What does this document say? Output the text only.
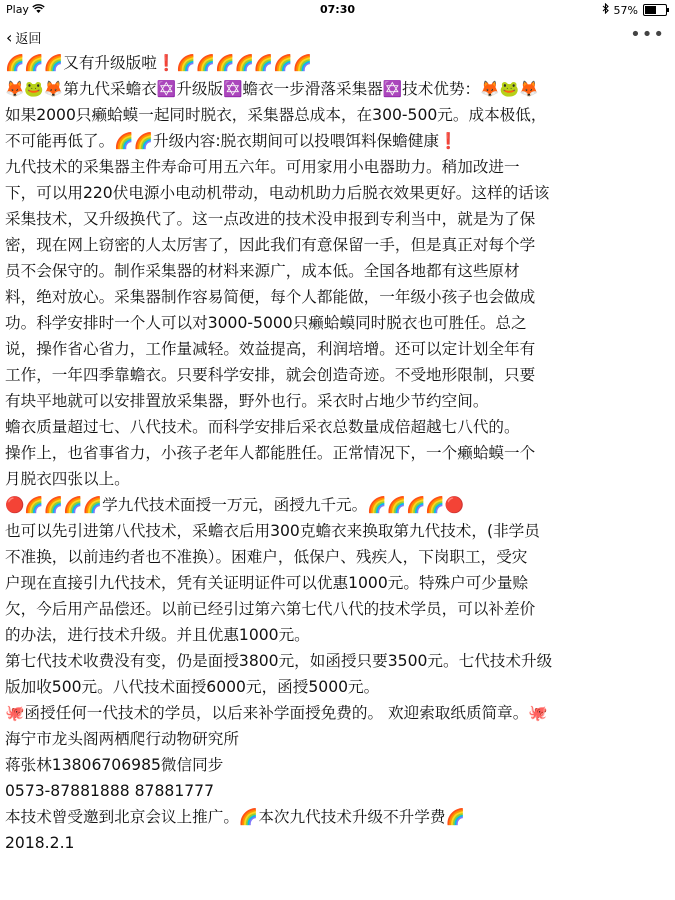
Play	07:30	57%
‹ 返回	•••
🌈🌈🌈又有升级版啦❗️🌈🌈🌈🌈🌈🌈🌈
🦊🐸🦊第九代采蟾衣✡️升级版✡️蟾衣一步滑落采集器✡️技术优势：🦊🐸🦊
如果2000只癞蛤蟆一起同时脱衣，采集器总成本，在300-500元。成本极低，
不可能再低了。🌈🌈升级内容:脱衣期间可以投喂饵料保蟾健康❗️
九代技术的采集器主件寿命可用五六年。可用家用小电器助力。稍加改进一
下，可以用220伏电源小电动机带动，电动机助力后脱衣效果更好。这样的话该
采集技术，又升级换代了。这一点改进的技术没申报到专利当中，就是为了保
密，现在网上窃密的人太厉害了，因此我们有意保留一手，但是真正对每个学
员不会保守的。制作采集器的材料来源广，成本低。全国各地都有这些原材
料，绝对放心。采集器制作容易简便，每个人都能做，一年级小孩子也会做成
功。科学安排时一个人可以对3000-5000只癞蛤蟆同时脱衣也可胜任。总之
说，操作省心省力，工作量减轻。效益提高，利润培增。还可以定计划全年有
工作，一年四季靠蟾衣。只要科学安排，就会创造奇迹。不受地形限制，只要
有块平地就可以安排置放采集器，野外也行。采衣时占地少节约空间。
蟾衣质量超过七、八代技术。而科学安排后采衣总数量成倍超越七八代的。
操作上，也省事省力，小孩子老年人都能胜任。正常情况下，一个癞蛤蟆一个
月脱衣四张以上。
🔴🌈🌈🌈🌈学九代技术面授一万元，函授九千元。🌈🌈🌈🌈🔴
也可以先引进第八代技术，采蟾衣后用300克蟾衣来换取第九代技术，(非学员
不准换，以前违约者也不准换）。困难户，低保户、残疾人，下岗职工，受灾
户现在直接引九代技术，凭有关证明证件可以优惠1000元。特殊户可少量赊
欠，今后用产品偿还。以前已经引过第六第七代八代的技术学员，可以补差价
的办法，进行技术升级。并且优惠1000元。
第七代技术收费没有变，仍是面授3800元，如函授只要3500元。七代技术升级
版加收500元。八代技术面授6000元，函授5000元。
🐙函授任何一代技术的学员，以后来补学面授免费的。 欢迎索取纸质简章。🐙
海宁市龙头阁两栖爬行动物研究所
蒋张林13806706985微信同步
0573-87881888 87881777
本技术曾受邀到北京会议上推广。🌈本次九代技术升级不升学费🌈
2018.2.1
